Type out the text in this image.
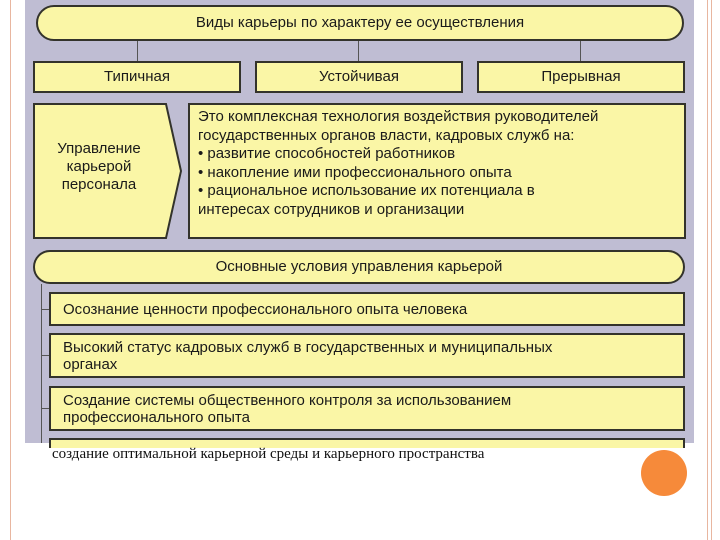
Виды карьеры по характеру ее осуществления
Типичная	Устойчивая	Прерывная
Управление
карьерой
персонала
Это комплексная технология воздействия руководителей
государственных органов власти, кадровых служб на:
• развитие способностей работников
• накопление ими профессионального опыта
• рациональное использование их потенциала в
интересах сотрудников и организации
Основные условия управления карьерой
Осознание ценности профессионального опыта человека
Высокий статус кадровых служб в государственных и муниципальных
органах
Создание системы общественного контроля за использованием
профессионального опыта
создание оптимальной карьерной среды и карьерного пространства
